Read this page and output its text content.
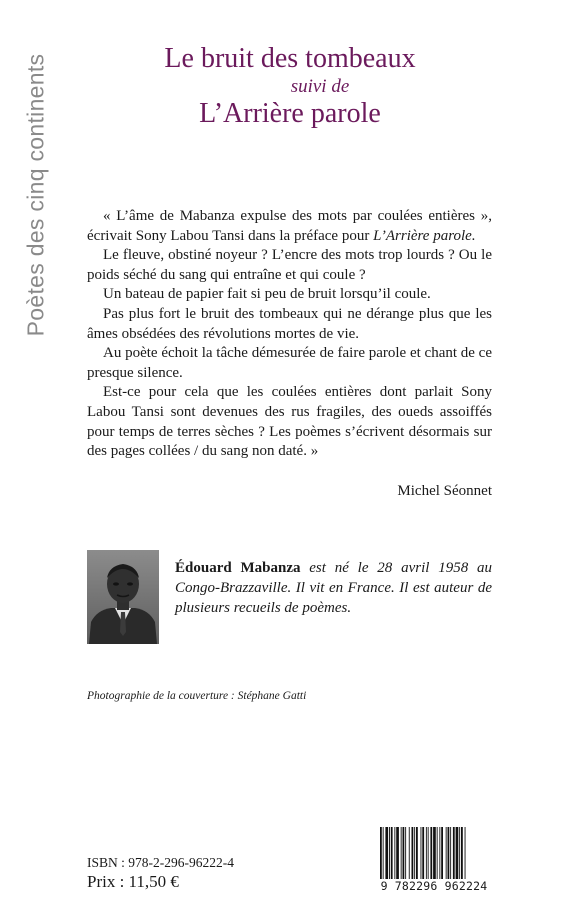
Poètes des cinq continents	Le bruit des tombeaux
suivi de
L’Arrière parole

« L’âme de Mabanza expulse des mots par coulées entières », écrivait Sony Labou Tansi dans la préface pour L’Arrière parole.

Le fleuve, obstiné noyeur ? L’encre des mots trop lourds ? Ou le poids séché du sang qui entraîne et qui coule ?

Un bateau de papier fait si peu de bruit lorsqu’il coule.

Pas plus fort le bruit des tombeaux qui ne dérange plus que les âmes obsédées des révolutions mortes de vie.

Au poète échoit la tâche démesurée de faire parole et chant de ce presque silence.

Est-ce pour cela que les coulées entières dont parlait Sony Labou Tansi sont devenues des rus fragiles, des oueds assoiffés pour temps de terres sèches ? Les poèmes s’écrivent désormais sur des pages collées / du sang non daté. »

Michel Séonnet
Édouard Mabanza est né le 28 avril 1958 au Congo-Brazzaville. Il vit en France. Il est auteur de plusieurs recueils de poèmes.
Photographie de la couverture : Stéphane Gatti
ISBN : 978-2-296-96222-4
Prix : 11,50 €	9 782296 962224
